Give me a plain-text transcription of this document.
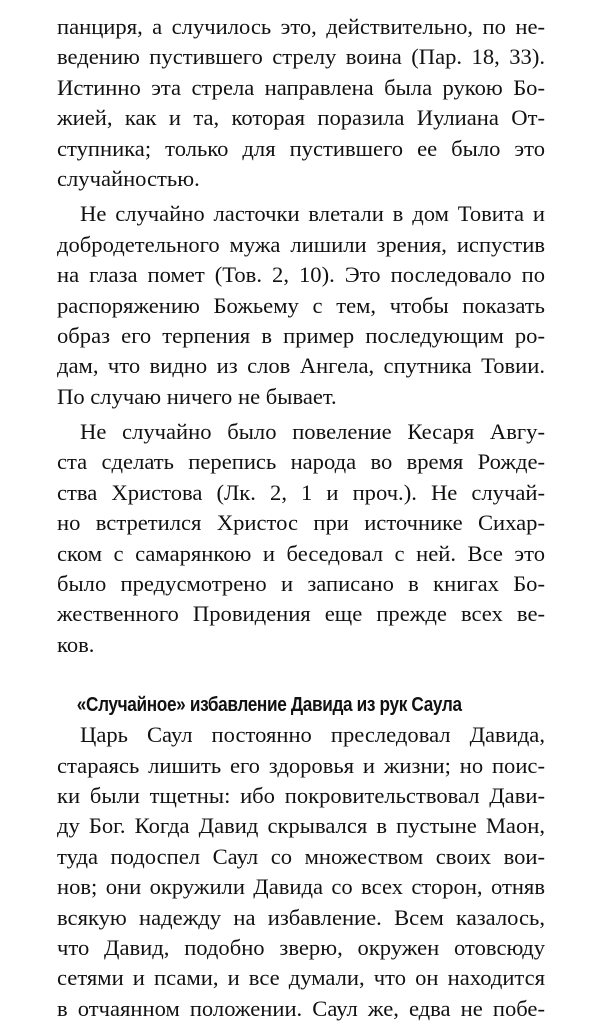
панциря, а случилось это, действительно, по не-
ведению пустившего стрелу воина (Пар. 18, 33).
Истинно эта стрела направлена была рукою Бо-
жией, как и та, которая поразила Иулиана От-
ступника; только для пустившего ее было это
случайностью.
Не случайно ласточки влетали в дом Товита и
добродетельного мужа лишили зрения, испустив
на глаза помет (Тов. 2, 10). Это последовало по
распоряжению Божьему с тем, чтобы показать
образ его терпения в пример последующим ро-
дам, что видно из слов Ангела, спутника Товии.
По случаю ничего не бывает.
Не случайно было повеление Кесаря Авгу-
ста сделать перепись народа во время Рожде-
ства Христова (Лк. 2, 1 и проч.). Не случай-
но встретился Христос при источнике Сихар-
ском с самарянкою и беседовал с ней. Все это
было предусмотрено и записано в книгах Бо-
жественного Провидения еще прежде всех ве-
ков.
«Случайное» избавление Давида из рук Саула
Царь Саул постоянно преследовал Давида,
стараясь лишить его здоровья и жизни; но поис-
ки были тщетны: ибо покровительствовал Дави-
ду Бог. Когда Давид скрывался в пустыне Маон,
туда подоспел Саул со множеством своих вои-
нов; они окружили Давида со всех сторон, отняв
всякую надежду на избавление. Всем казалось,
что Давид, подобно зверю, окружен отовсюду
сетями и псами, и все думали, что он находится
в отчаянном положении. Саул же, едва не побе-
